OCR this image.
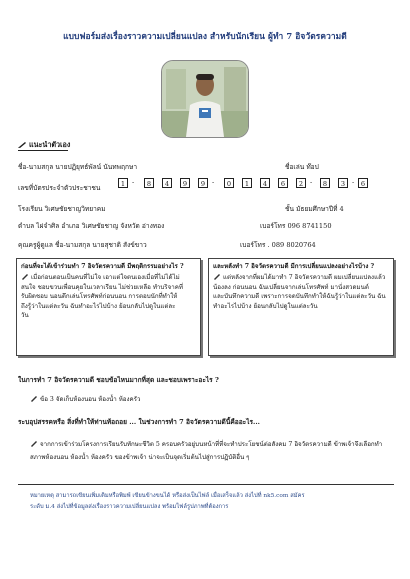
แบบฟอร์มส่งเรื่องราวความเปลี่ยนแปลง สำหรับนักเรียน ผู้ทำ 7 อิจวัตรความดี
แนะนำตัวเอง
ชื่อ-นามสกุล นายปฏิยุทธ์พัลน์ นันทพฤกษา	ชื่อเล่น ท๊อป
เลขที่บัตรประจำตัวประชาชน	1	-	8	4	9	9	-	0	1	4	6	2	-	8	3	-	6
โรงเรียน วิเศษชัยชาญวิทยาคม	ชั้น มัธยมศึกษาปีที่ 4
ตำบล ไผ่จำศิล อำเภอ วิเศษชัยชาญ จังหวัด อ่างทอง	เบอร์โทร 096 8741150
คุณครูผู้ดูแล ชื่อ-นามสกุล นายสุชาติ สังข์ขาว	เบอร์โทร . 089 8020764
ก่อนที่จะได้เข้าร่วมทำ 7 อิจวัตรความดี มีพฤติกรรมอย่างไร ?
เมื่อก่อนตอนเป็นคนที่ไม่ใจ เอาแต่ใจตนเองเมื่อที่ไม่ได้ไม่
สนใจ ชอบขวนเพื่อนคุยในเวลาเรียน ไม่ช่วยเหลือ ทำบริจาคที่
รับผิดชอบ นอนดึกเล่นโทรศัพท์ก่อนนอน การตอบนักที่ทำให้
ถึงรู้ว่าในแต่ละวัน ฉันทำอะไรไปบ้าง ย้อนกลับไปดูในแต่ละ
วัน
และหลังทำ 7 อิจวัตรความดี มีการเปลี่ยนแปลงอย่างไรบ้าง ?
แต่หลังจากที่ผมได้มาทำ 7 อิจวัตรความดี ผมเปลี่ยนแปลงแล้ว
น้องลง ก่อนนอน ฉันเปลี่ยนจากเล่นโทรศัพท์ มานั่งสวดมนต์
และบันทึกความดี เพราะการจดบันทึกทำให้ฉันรู้ว่าในแต่ละวัน ฉัน
ทำอะไรไปบ้าง ย้อนกลับไปดูในแต่ละวัน
ในการทำ 7 อิจวัตรความดี ชอบข้อไหนมากที่สุด และชอบเพราะอะไร ?
ข้อ 3 จัดเก็บห้องนอน ห้องน้ำ ห้องครัว
ระบอุปสรรคหรือ สิ่งที่ทำให้ท่านท้อถอย ... ในช่วงการทำ 7 อิจวัตรความดีนี้คืออะไร...
จากการเข้าร่วมโครงการเรียนรับทักษะชีวิต 5 ครอบครัวอยู่บนหน้าที่ที่จะทำประโยชน์ต่อสังคม 7 อิจวัตรความดี ข้าพเจ้าจึงเลือกทำ
สภาพห้องนอน ห้องน้ำ ห้องครัว ของข้าพเจ้า น่าจะเป็นจุดเริ่มต้นไปสู่การปฏิบัติอื่น ๆ
หมายเหตุ สามารถเขียนเพิ่มเติมหรือพิมพ์ เขียนข้างขนได้ หรือส่งเป็นไฟล์ เมื่อเสร็จแล้ว ส่งไปที่ nk5.com สมัคร
ระดับ ม.4 ส่งไปที่ข้อมูลส่งเรื่องราวความเปลี่ยนแปลง พร้อมไฟล์รูปภาพที่ต้องการ
